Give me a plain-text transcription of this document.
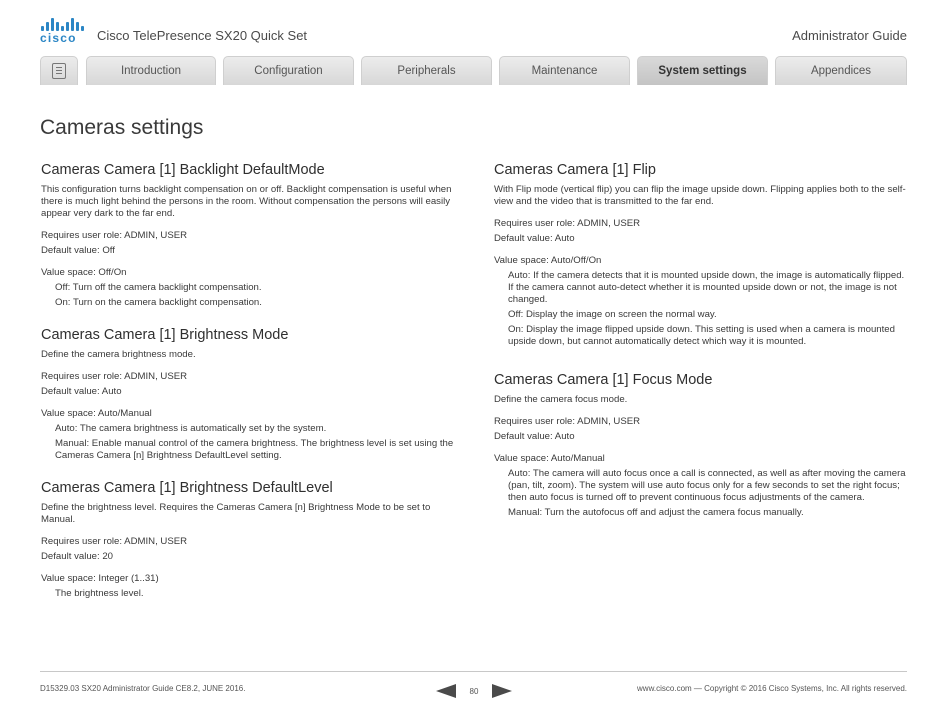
cisco Cisco TelePresence SX20 Quick Set	Administrator Guide
Introduction	Configuration	Peripherals	Maintenance	System settings	Appendices
Cameras settings
Cameras Camera [1] Backlight DefaultMode

This configuration turns backlight compensation on or off. Backlight compensation is useful when there is much light behind the persons in the room. Without compensation the persons will easily appear very dark to the far end.

Requires user role: ADMIN, USER

Default value: Off

Value space: Off/On

Off: Turn off the camera backlight compensation.

On: Turn on the camera backlight compensation.

Cameras Camera [1] Brightness Mode

Define the camera brightness mode.

Requires user role: ADMIN, USER

Default value: Auto

Value space: Auto/Manual

Auto: The camera brightness is automatically set by the system.

Manual: Enable manual control of the camera brightness. The brightness level is set using the Cameras Camera [n] Brightness DefaultLevel setting.

Cameras Camera [1] Brightness DefaultLevel

Define the brightness level. Requires the Cameras Camera [n] Brightness Mode to be set to Manual.

Requires user role: ADMIN, USER

Default value: 20

Value space: Integer (1..31)

The brightness level.

Cameras Camera [1] Flip

With Flip mode (vertical flip) you can flip the image upside down. Flipping applies both to the self-view and the video that is transmitted to the far end.

Requires user role: ADMIN, USER

Default value: Auto

Value space: Auto/Off/On

Auto: If the camera detects that it is mounted upside down, the image is automatically flipped. If the camera cannot auto-detect whether it is mounted upside down or not, the image is not changed.

Off: Display the image on screen the normal way.

On: Display the image flipped upside down. This setting is used when a camera is mounted upside down, but cannot automatically detect which way it is mounted.

Cameras Camera [1] Focus Mode

Define the camera focus mode.

Requires user role: ADMIN, USER

Default value: Auto

Value space: Auto/Manual

Auto: The camera will auto focus once a call is connected, as well as after moving the camera (pan, tilt, zoom). The system will use auto focus only for a few seconds to set the right focus; then auto focus is turned off to prevent continuous focus adjustments of the camera.

Manual: Turn the autofocus off and adjust the camera focus manually.

D15329.03 SX20 Administrator Guide CE8.2, JUNE 2016.	80	www.cisco.com — Copyright © 2016 Cisco Systems, Inc. All rights reserved.
